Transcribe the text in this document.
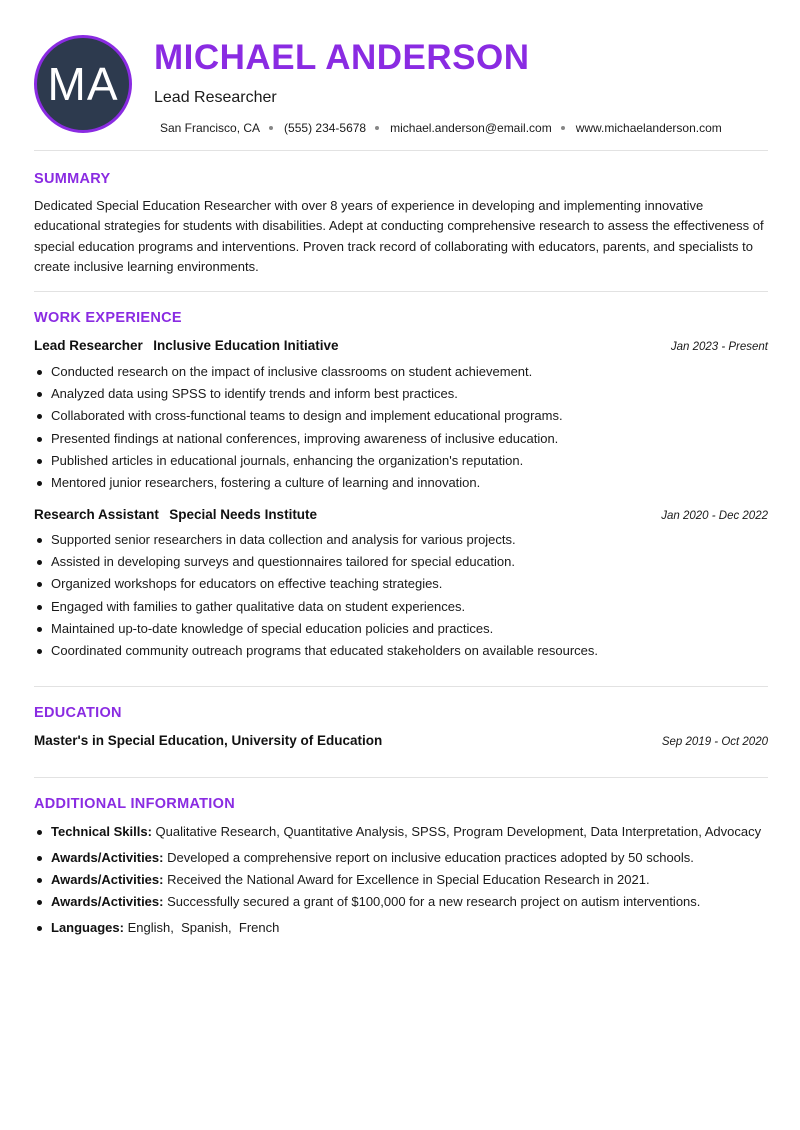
MA
MICHAEL ANDERSON
Lead Researcher
San Francisco, CA (555) 234-5678 michael.anderson@email.com www.michaelanderson.com
SUMMARY

Dedicated Special Education Researcher with over 8 years of experience in developing and implementing innovative educational strategies for students with disabilities. Adept at conducting comprehensive research to assess the effectiveness of special education programs and interventions. Proven track record of collaborating with educators, parents, and specialists to create inclusive learning environments.

WORK EXPERIENCE
Lead Researcher Inclusive Education Initiative	Jan 2023 - Present
Conducted research on the impact of inclusive classrooms on student achievement.
Analyzed data using SPSS to identify trends and inform best practices.
Collaborated with cross-functional teams to design and implement educational programs.
Presented findings at national conferences, improving awareness of inclusive education.
Published articles in educational journals, enhancing the organization's reputation.
Mentored junior researchers, fostering a culture of learning and innovation.
Research Assistant Special Needs Institute	Jan 2020 - Dec 2022
Supported senior researchers in data collection and analysis for various projects.
Assisted in developing surveys and questionnaires tailored for special education.
Organized workshops for educators on effective teaching strategies.
Engaged with families to gather qualitative data on student experiences.
Maintained up-to-date knowledge of special education policies and practices.
Coordinated community outreach programs that educated stakeholders on available resources.
EDUCATION
Master's in Special Education, University of Education	Sep 2019 - Oct 2020
ADDITIONAL INFORMATION
Technical Skills: Qualitative Research, Quantitative Analysis, SPSS, Program Development, Data Interpretation, Advocacy
Awards/Activities: Developed a comprehensive report on inclusive education practices adopted by 50 schools.
Awards/Activities: Received the National Award for Excellence in Special Education Research in 2021.
Awards/Activities: Successfully secured a grant of $100,000 for a new research project on autism interventions.
Languages: English,  Spanish,  French
